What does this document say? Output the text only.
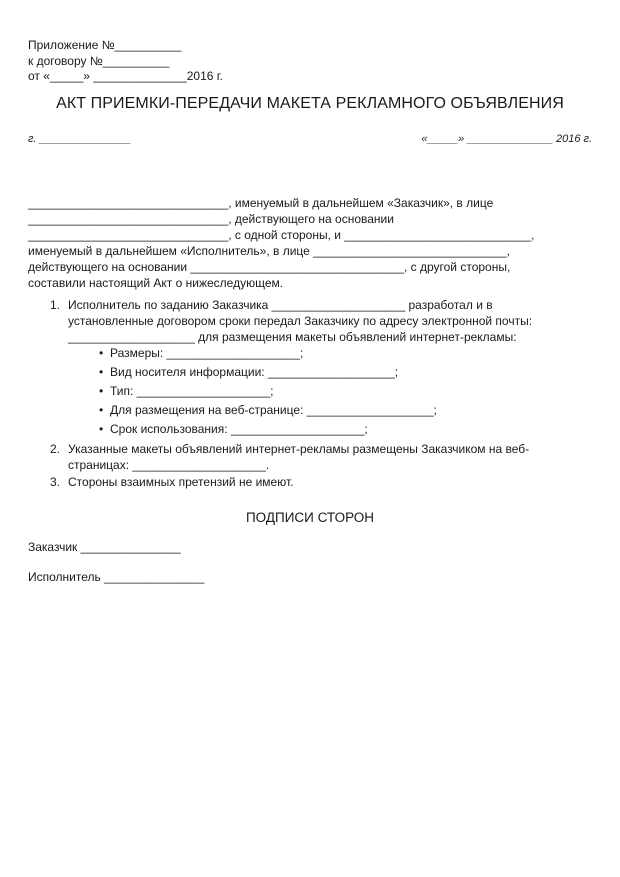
Приложение №__________
к договору №__________
от «_____» ______________2016 г.
АКТ ПРИЕМКИ-ПЕРЕДАЧИ МАКЕТА РЕКЛАМНОГО ОБЪЯВЛЕНИЯ
г. _______________	«_____» ______________ 2016 г.
______________________________, именуемый в дальнейшем «Заказчик», в лице
______________________________, действующего на основании
______________________________, с одной стороны, и ____________________________,
именуемый в дальнейшем «Исполнитель», в лице _____________________________,
действующего на основании ________________________________, с другой стороны,
составили настоящий Акт о нижеследующем.
1. Исполнитель по заданию Заказчика ____________________ разработал и в
установленные договором сроки передал Заказчику по адресу электронной почты:
___________________ для размещения макеты объявлений интернет-рекламы:
• Размеры: ____________________;
• Вид носителя информации: ___________________;
• Тип: ____________________;
• Для размещения на веб-странице: ___________________;
• Срок использования: ____________________;
2. Указанные макеты объявлений интернет-рекламы размещены Заказчиком на веб-
страницах: ____________________.
3. Стороны взаимных претензий не имеют.
ПОДПИСИ СТОРОН
Заказчик _______________
Исполнитель _______________
